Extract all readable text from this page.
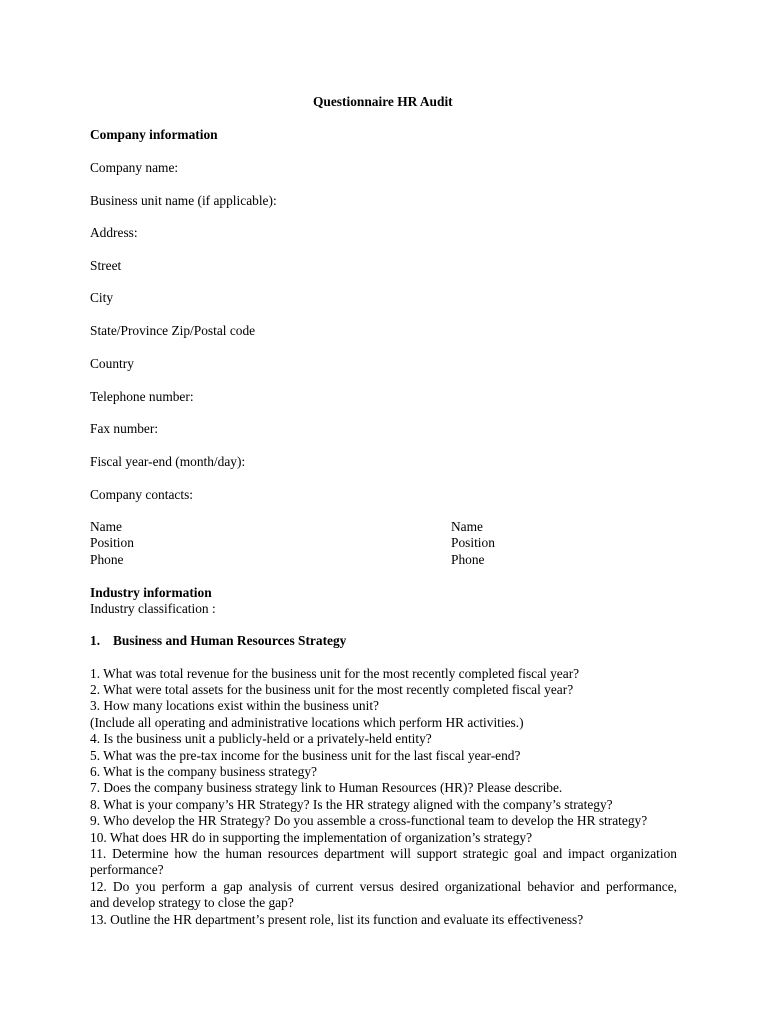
Questionnaire HR Audit
Company information
Company name:
Business unit name (if applicable):
Address:
Street
City
State/Province Zip/Postal code
Country
Telephone number:
Fax number:
Fiscal year-end (month/day):
Company contacts:
Name
Position
Phone
Name
Position
Phone
Industry information
Industry classification :
1. Business and Human Resources Strategy
1. What was total revenue for the business unit for the most recently completed fiscal year?
2. What were total assets for the business unit for the most recently completed fiscal year?
3. How many locations exist within the business unit?
(Include all operating and administrative locations which perform HR activities.)
4. Is the business unit a publicly-held or a privately-held entity?
5. What was the pre-tax income for the business unit for the last fiscal year-end?
6. What is the company business strategy?
7. Does the company business strategy link to Human Resources (HR)? Please describe.
8. What is your company’s HR Strategy? Is the HR strategy aligned with the company’s strategy?
9. Who develop the HR Strategy? Do you assemble a cross-functional team to develop the HR strategy?
10. What does HR do in supporting the implementation of organization’s strategy?
11. Determine how the human resources department will support strategic goal and impact organization
performance?
12. Do you perform a gap analysis of current versus desired organizational behavior and performance,
and develop strategy to close the gap?
13. Outline the HR department’s present role, list its function and evaluate its effectiveness?
